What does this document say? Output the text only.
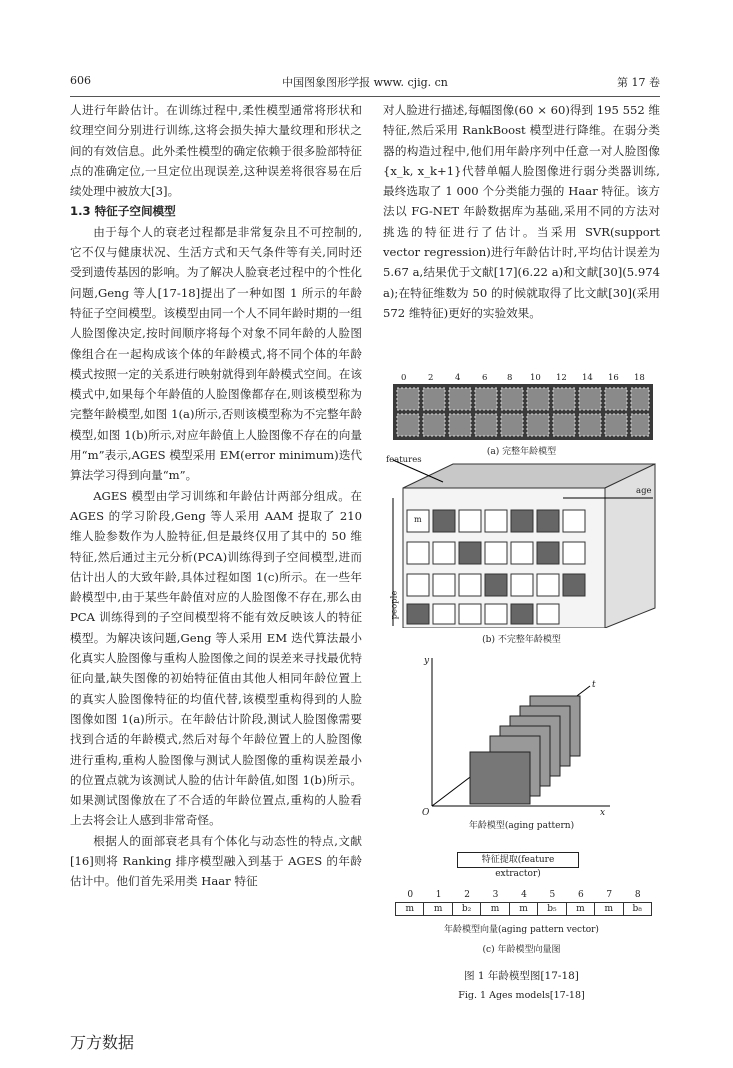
606	中国图象图形学报 www. cjig. cn	第 17 卷

人进行年龄估计。在训练过程中,柔性模型通常将形状和纹理空间分别进行训练,这将会损失掉大量纹理和形状之间的有效信息。此外柔性模型的确定依赖于很多脸部特征点的准确定位,一旦定位出现误差,这种误差将很容易在后续处理中被放大[3]。

1.3 特征子空间模型

由于每个人的衰老过程都是非常复杂且不可控制的,它不仅与健康状况、生活方式和天气条件等有关,同时还受到遗传基因的影响。为了解决人脸衰老过程中的个性化问题,Geng 等人[17-18]提出了一种如图 1 所示的年龄特征子空间模型。该模型由同一个人不同年龄时期的一组人脸图像决定,按时间顺序将每个对象不同年龄的人脸图像组合在一起构成该个体的年龄模式,将不同个体的年龄模式按照一定的关系进行映射就得到年龄模式空间。在该模式中,如果每个年龄值的人脸图像都存在,则该模型称为完整年龄模型,如图 1(a)所示,否则该模型称为不完整年龄模型,如图 1(b)所示,对应年龄值上人脸图像不存在的向量用“m”表示,AGES 模型采用 EM(error minimum)迭代算法学习得到向量“m”。

AGES 模型由学习训练和年龄估计两部分组成。在 AGES 的学习阶段,Geng 等人采用 AAM 提取了 210 维人脸参数作为人脸特征,但是最终仅用了其中的 50 维特征,然后通过主元分析(PCA)训练得到子空间模型,进而估计出人的大致年龄,具体过程如图 1(c)所示。在一些年龄模型中,由于某些年龄值对应的人脸图像不存在,那么由 PCA 训练得到的子空间模型将不能有效反映该人的特征模型。为解决该问题,Geng 等人采用 EM 迭代算法最小化真实人脸图像与重构人脸图像之间的误差来寻找最优特征向量,缺失图像的初始特征值由其他人相同年龄位置上的真实人脸图像特征的均值代替,该模型重构得到的人脸图像如图 1(a)所示。在年龄估计阶段,测试人脸图像需要找到合适的年龄模式,然后对每个年龄位置上的人脸图像进行重构,重构人脸图像与测试人脸图像的重构误差最小的位置点就为该测试人脸的估计年龄值,如图 1(b)所示。如果测试图像放在了不合适的年龄位置点,重构的人脸看上去将会让人感到非常奇怪。

根据人的面部衰老具有个体化与动态性的特点,文献[16]则将 Ranking 排序模型融入到基于 AGES 的年龄估计中。他们首先采用类 Haar 特征

对人脸进行描述,每幅图像(60 × 60)得到 195 552 维特征,然后采用 RankBoost 模型进行降维。在弱分类器的构造过程中,他们用年龄序列中任意一对人脸图像{x_k, x_k+1}代替单幅人脸图像进行弱分类器训练,最终选取了 1 000 个分类能力强的 Haar 特征。该方法以 FG-NET 年龄数据库为基础,采用不同的方法对挑选的特征进行了估计。当采用 SVR(support vector regression)进行年龄估计时,平均估计误差为 5.67 a,结果优于文献[17](6.22 a)和文献[30](5.974 a);在特征维数为 50 的时候就取得了比文献[30](采用 572 维特征)更好的实验效果。

0	2	4	6 8 10 12 14 16 18
(a) 完整年龄模型
features
age
people
m
(b) 不完整年龄模型
y
x
t
O
年龄模型(aging pattern)
特征提取(feature extractor)
0	1	2	3	4	5	6	7	8
m	m	b₂	m	m	b₅	m	m	b₈
年龄模型向量(aging pattern vector)
(c) 年龄模型向量图
图 1 年龄模型图[17-18]
Fig. 1 Ages models[17-18]
万方数据
